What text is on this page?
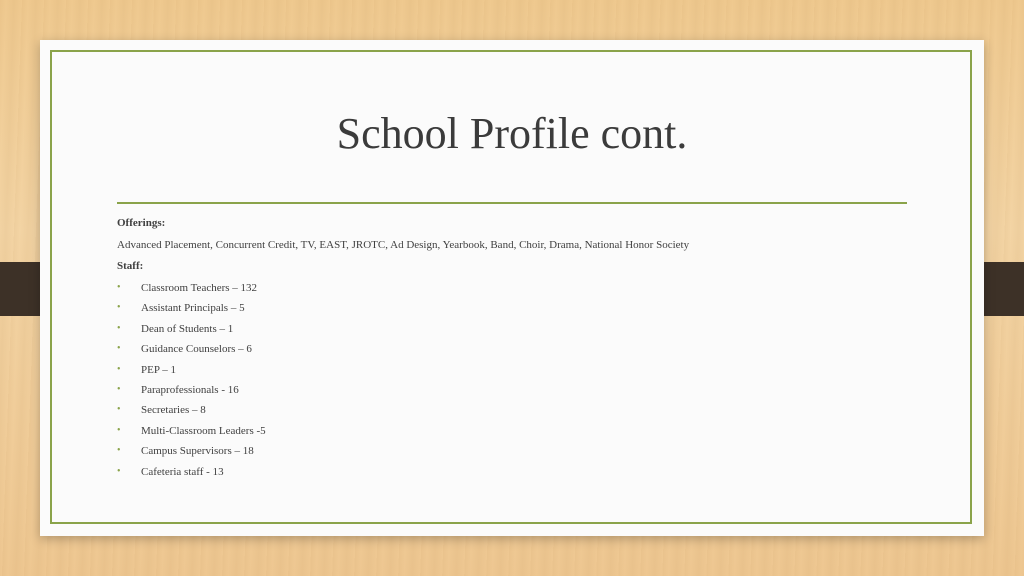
School Profile cont.
Offerings:
Advanced Placement, Concurrent Credit, TV, EAST, JROTC, Ad Design, Yearbook, Band, Choir, Drama, National Honor Society
Staff:
• Classroom Teachers – 132
• Assistant Principals – 5
• Dean of Students – 1
• Guidance Counselors – 6
• PEP – 1
• Paraprofessionals - 16
• Secretaries – 8
• Multi-Classroom Leaders -5
• Campus Supervisors – 18
• Cafeteria staff - 13
